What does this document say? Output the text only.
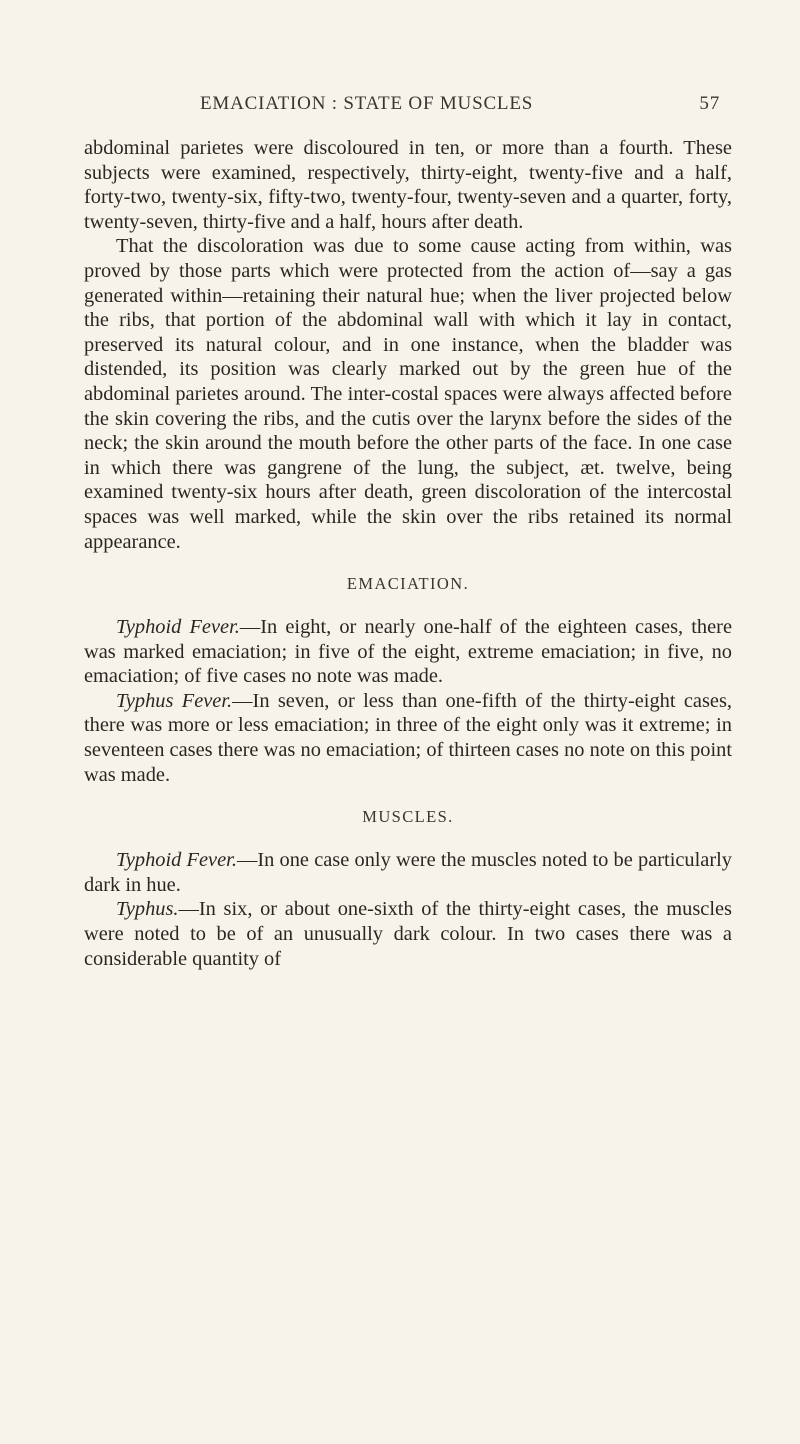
EMACIATION : STATE OF MUSCLES	57

abdominal parietes were discoloured in ten, or more than a fourth. These subjects were examined, respectively, thirty-eight, twenty-five and a half, forty-two, twenty-six, fifty-two, twenty-four, twenty-seven and a quarter, forty, twenty-seven, thirty-five and a half, hours after death.

That the discoloration was due to some cause acting from within, was proved by those parts which were protected from the action of—say a gas generated within—retaining their natural hue; when the liver projected below the ribs, that portion of the abdominal wall with which it lay in contact, preserved its natural colour, and in one instance, when the bladder was distended, its position was clearly marked out by the green hue of the abdominal parietes around. The inter-costal spaces were always affected before the skin covering the ribs, and the cutis over the larynx before the sides of the neck; the skin around the mouth before the other parts of the face. In one case in which there was gangrene of the lung, the subject, æt. twelve, being examined twenty-six hours after death, green discoloration of the intercostal spaces was well marked, while the skin over the ribs retained its normal appearance.

EMACIATION.

Typhoid Fever.—In eight, or nearly one-half of the eighteen cases, there was marked emaciation; in five of the eight, extreme emaciation; in five, no emaciation; of five cases no note was made.

Typhus Fever.—In seven, or less than one-fifth of the thirty-eight cases, there was more or less emaciation; in three of the eight only was it extreme; in seventeen cases there was no emaciation; of thirteen cases no note on this point was made.

MUSCLES.

Typhoid Fever.—In one case only were the muscles noted to be particularly dark in hue.

Typhus.—In six, or about one-sixth of the thirty-eight cases, the muscles were noted to be of an unusually dark colour. In two cases there was a considerable quantity of
